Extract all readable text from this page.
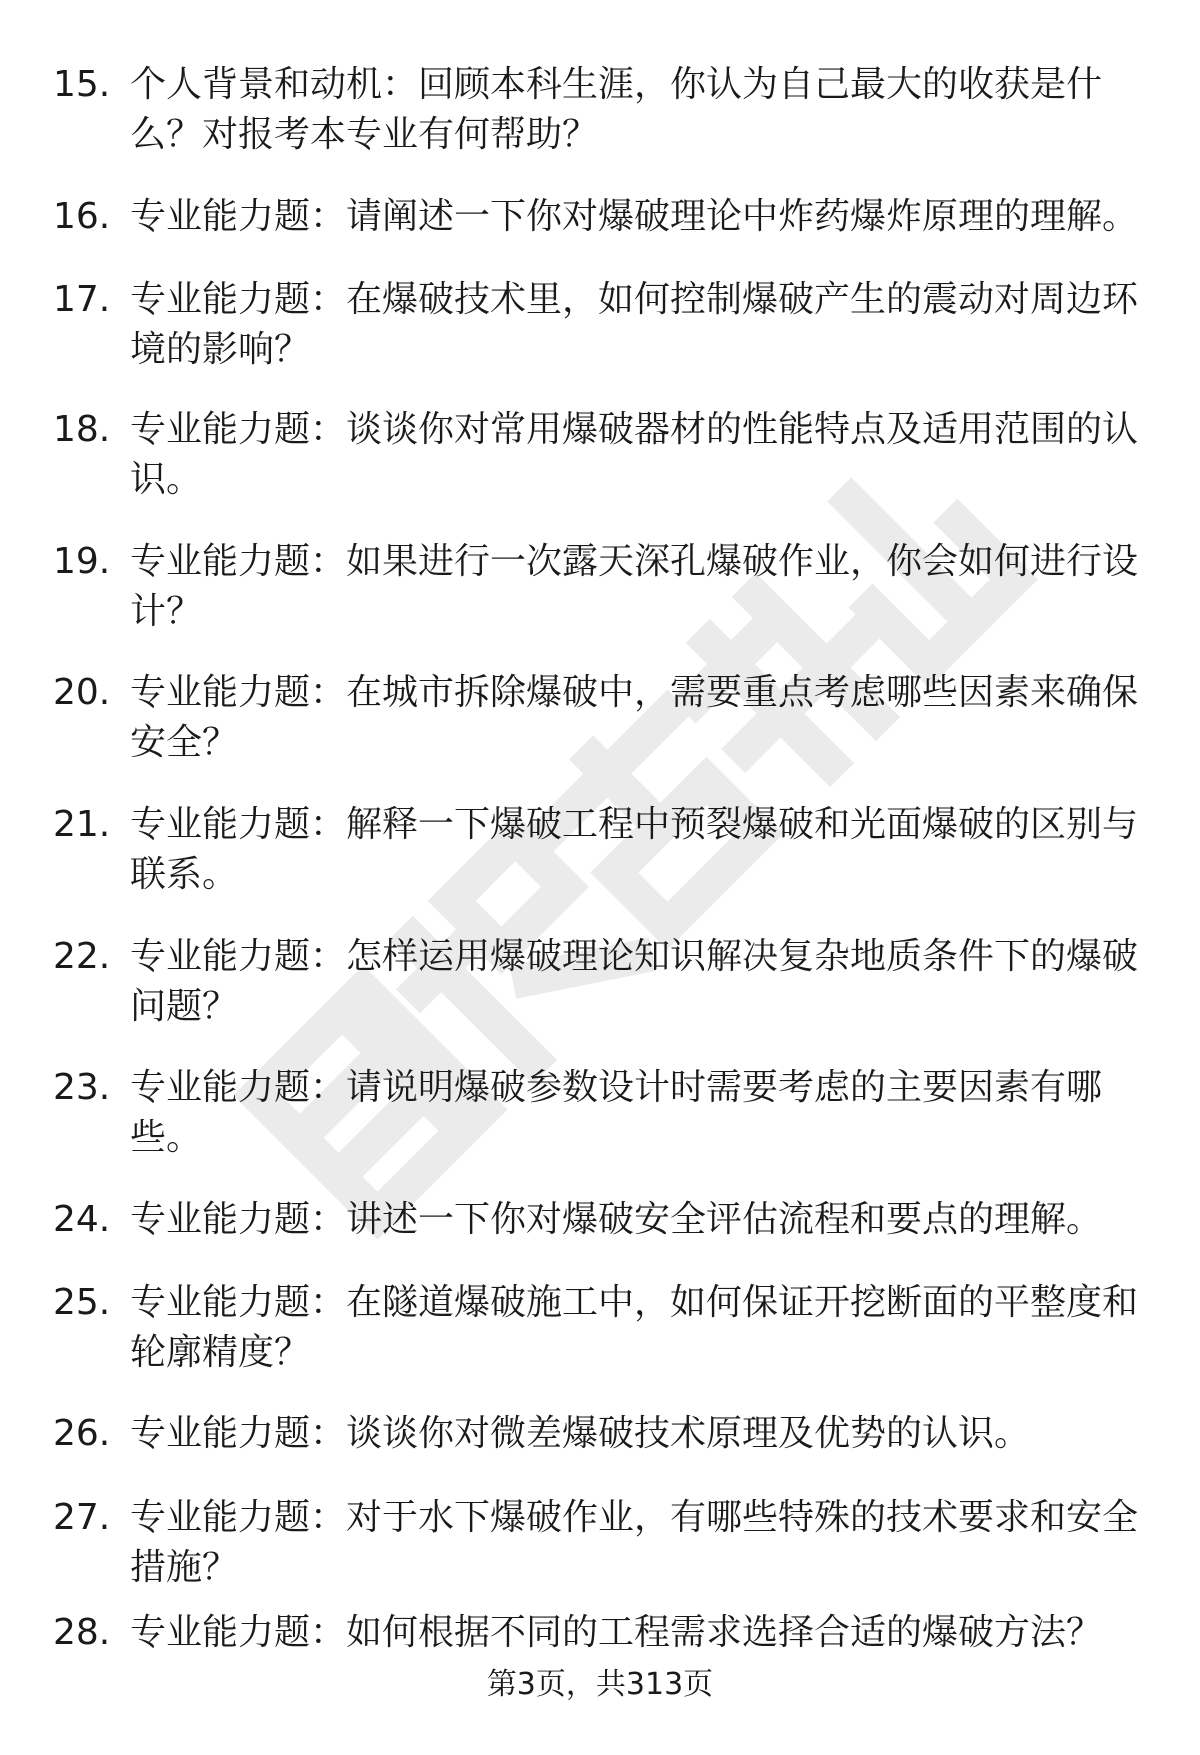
15. 个人背景和动机：回顾本科生涯，你认为自己最大的收获是什么？对报考本专业有何帮助？
16. 专业能力题：请阐述一下你对爆破理论中炸药爆炸原理的理解。
17. 专业能力题：在爆破技术里，如何控制爆破产生的震动对周边环境的影响？
18. 专业能力题：谈谈你对常用爆破器材的性能特点及适用范围的认识。
19. 专业能力题：如果进行一次露天深孔爆破作业，你会如何进行设计？
20. 专业能力题：在城市拆除爆破中，需要重点考虑哪些因素来确保安全？
21. 专业能力题：解释一下爆破工程中预裂爆破和光面爆破的区别与联系。
22. 专业能力题：怎样运用爆破理论知识解决复杂地质条件下的爆破问题？
23. 专业能力题：请说明爆破参数设计时需要考虑的主要因素有哪些。
24. 专业能力题：讲述一下你对爆破安全评估流程和要点的理解。
25. 专业能力题：在隧道爆破施工中，如何保证开挖断面的平整度和轮廓精度？
26. 专业能力题：谈谈你对微差爆破技术原理及优势的认识。
27. 专业能力题：对于水下爆破作业，有哪些特殊的技术要求和安全措施？
28. 专业能力题：如何根据不同的工程需求选择合适的爆破方法？
第3页，共313页
